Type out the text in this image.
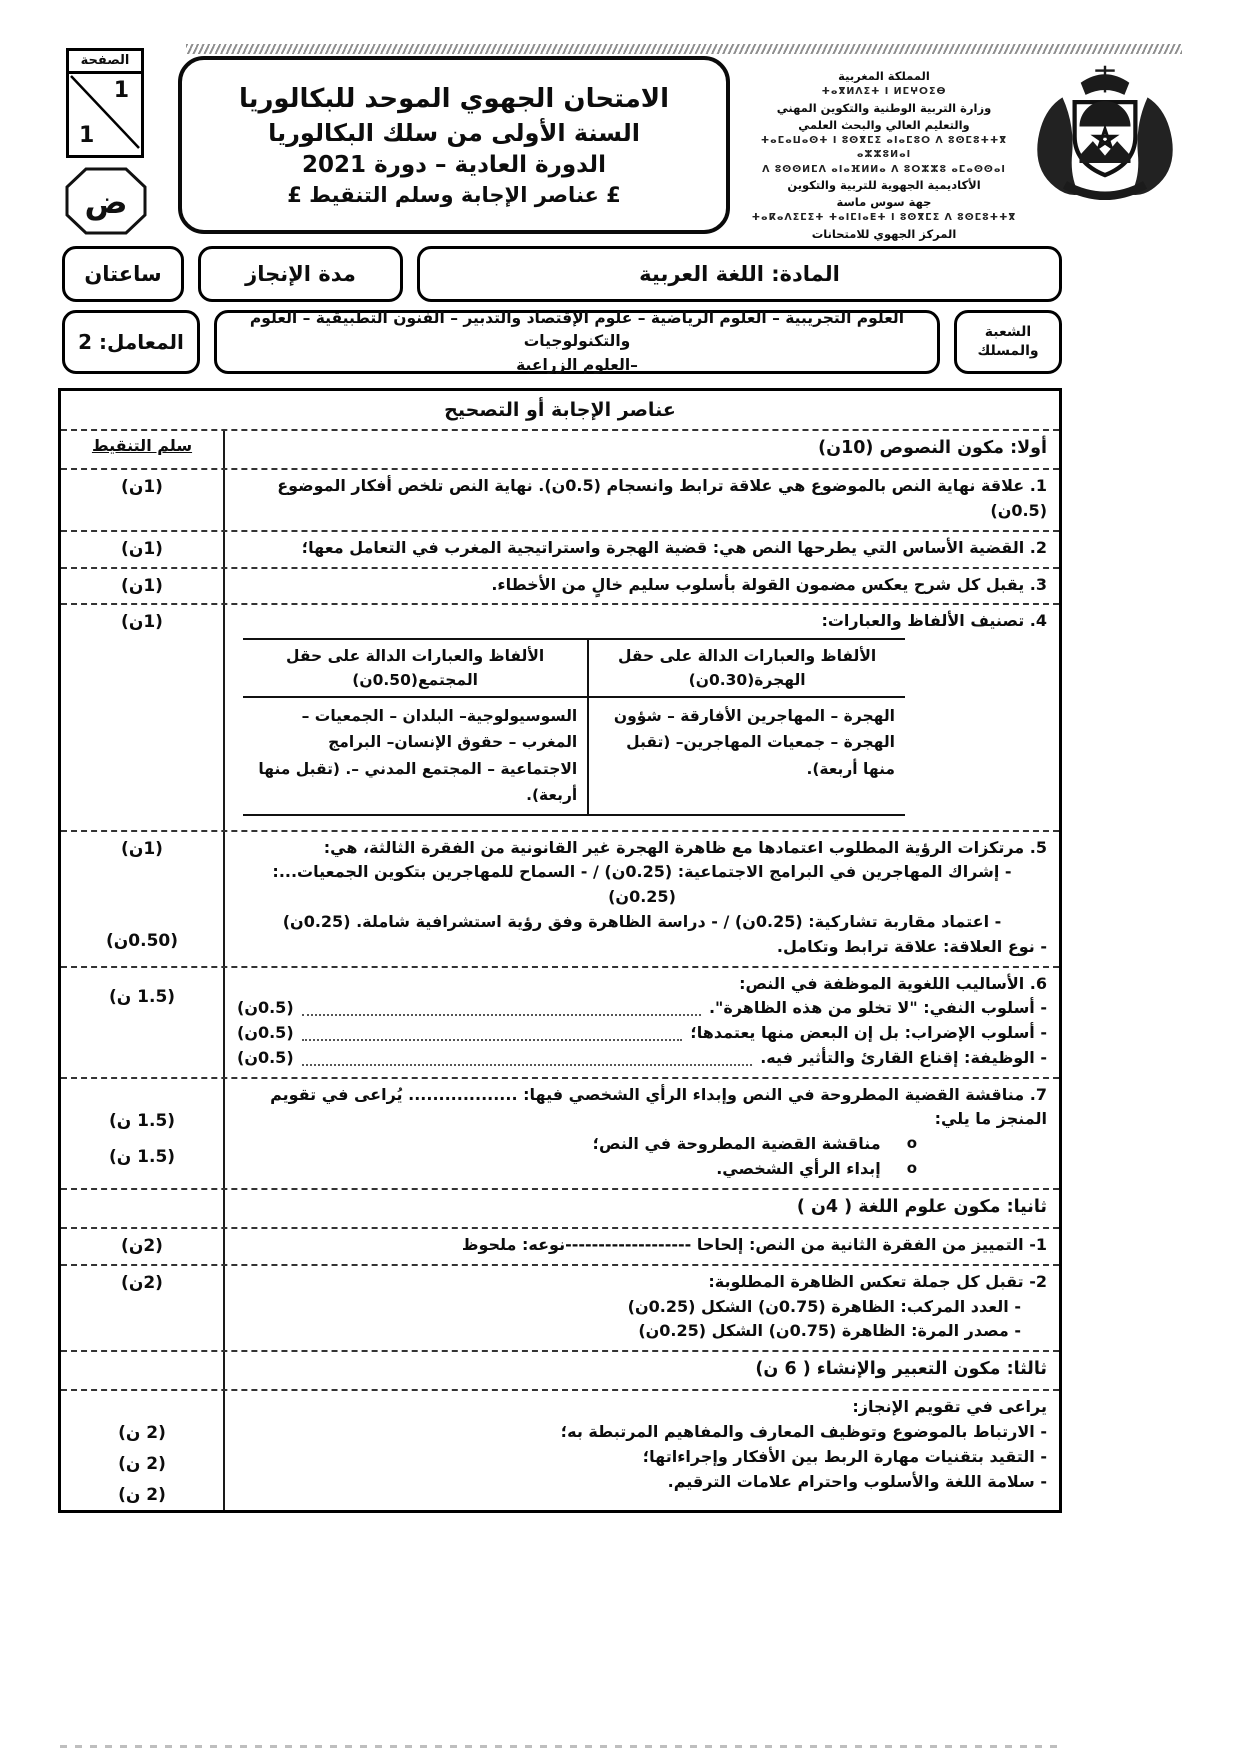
الصفحة
1
1
ض
الامتحان الجهوي الموحد للبكالوريا
السنة الأولى من سلك البكالوريا
الدورة العادية – دورة 2021
£ عناصر الإجابة وسلم التنقيط £
المملكة المغربية
ⵜⴰⴳⵍⴷⵉⵜ ⵏ ⵍⵎⵖⵔⵉⴱ
وزارة التربية الوطنية والتكوين المهني
والتعليم العالي والبحث العلمي
ⵜⴰⵎⴰⵡⴰⵙⵜ ⵏ ⵓⵙⴳⵎⵉ ⴰⵏⴰⵎⵓⵔ ⴷ ⵓⵙⵎⵓⵜⵜⴳ ⴰⵣⵣⵓⵍⴰⵏ
ⴷ ⵓⵙⵙⵍⵎⴷ ⴰⵏⴰⴼⵍⵍⴰ ⴷ ⵓⵔⵣⵣⵓ ⴰⵎⴰⵙⵙⴰⵏ
الأكاديمية الجهوية للتربية والتكوين
جهة سوس ماسة
ⵜⴰⴽⴰⴷⵉⵎⵉⵜ ⵜⴰⵏⵎⵏⴰⴹⵜ ⵏ ⵓⵙⴳⵎⵉ ⴷ ⵓⵙⵎⵓⵜⵜⴳ
المركز الجهوي للامتحانات
المادة: اللغة العربية
مدة الإنجاز
ساعتان
الشعبة
والمسلك
العلوم التجريبية – العلوم الرياضية – علوم الإقتصاد والتدبير – الفنون التطبيقية – العلوم والتكنولوجيات
–العلوم الزراعية
المعامل: 2
عناصر الإجابة أو التصحيح
أولا: مكون النصوص (10ن)
سلم التنقيط
1. علاقة نهاية النص بالموضوع هي علاقة ترابط وانسجام (0.5ن). نهاية النص تلخص أفكار الموضوع (0.5ن)
(1ن)
2. القضية الأساس التي يطرحها النص هي: قضية الهجرة واستراتيجية المغرب في التعامل معها؛
(1ن)
3. يقبل كل شرح يعكس مضمون القولة بأسلوب سليم خالٍ من الأخطاء.
(1ن)
4. تصنيف الألفاظ والعبارات:
الألفاظ والعبارات الدالة على حقل الهجرة(0.30ن)
الألفاظ والعبارات الدالة على حقل المجتمع(0.50ن)
الهجرة – المهاجرين الأفارقة – شؤون الهجرة – جمعيات المهاجرين– (تقبل منها أربعة).
السوسيولوجية– البلدان – الجمعيات – المغرب – حقوق الإنسان– البرامج الاجتماعية – المجتمع المدني –. (تقبل منها أربعة).
(1ن)
5. مرتكزات الرؤية المطلوب اعتمادها مع ظاهرة الهجرة غير القانونية من الفقرة الثالثة، هي:
- إشراك المهاجرين في البرامج الاجتماعية: (0.25ن) / - السماح للمهاجرين بتكوين الجمعيات...: (0.25ن)
- اعتماد مقاربة تشاركية: (0.25ن) / - دراسة الظاهرة وفق رؤية استشرافية شاملة. (0.25ن)
- نوع العلاقة: علاقة ترابط وتكامل.
(1ن)
(0.50ن)
6. الأساليب اللغوية الموظفة في النص:
- أسلوب النفي: "لا تخلو من هذه الظاهرة".
(0.5ن)
- أسلوب الإضراب: بل إن البعض منها يعتمدها؛
(0.5ن)
- الوظيفة: إقناع القارئ والتأثير فيه.
(0.5ن)
(1.5 ن)
7. مناقشة القضية المطروحة في النص وإبداء الرأي الشخصي فيها: .................. يُراعى في تقويم المنجز ما يلي:
o
مناقشة القضية المطروحة في النص؛
o
إبداء الرأي الشخصي.
(1.5 ن)
(1.5 ن)
ثانيا: مكون علوم اللغة ( 4ن )
1- التمييز من الفقرة الثانية من النص: إلحاحا -------------------نوعه: ملحوظ
(2ن)
2- تقبل كل جملة تعكس الظاهرة المطلوبة:
- العدد المركب: الظاهرة (0.75ن) الشكل (0.25ن)
- مصدر المرة: الظاهرة (0.75ن) الشكل (0.25ن)
(2ن)
ثالثا: مكون التعبير والإنشاء ( 6 ن)
يراعى في تقويم الإنجاز:
- الارتباط بالموضوع وتوظيف المعارف والمفاهيم المرتبطة به؛
- التقيد بتقنيات مهارة الربط بين الأفكار وإجراءاتها؛
- سلامة اللغة والأسلوب واحترام علامات الترقيم.
(2 ن)
(2 ن)
(2 ن)
